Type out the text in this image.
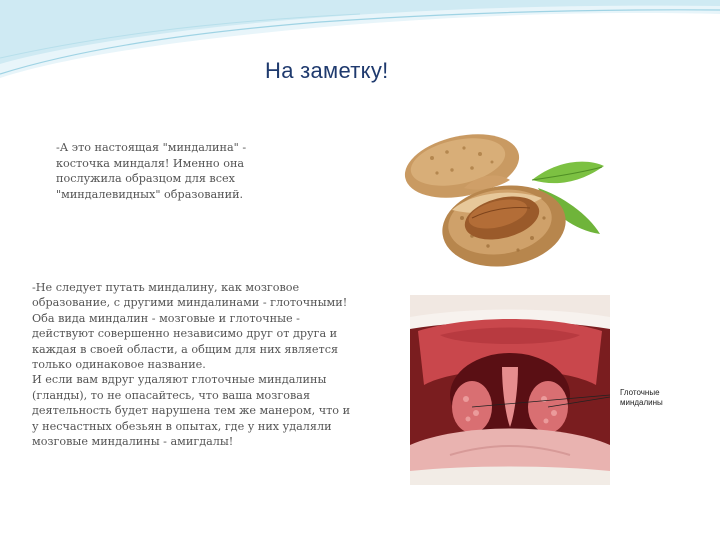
На заметку!
-А это настоящая "миндалина" - косточка миндаля! Именно она послужила образцом для всех "миндалевидных" образований.

-Не следует путать миндалину, как мозговое образование, с другими миндалинами - глоточными! Оба вида миндалин - мозговые и глоточные - действуют совершенно независимо друг от друга и каждая в своей области, а общим для них является только одинаковое название.

И если вам вдруг удаляют глоточные миндалины (гланды), то не опасайтесь, что ваша мозговая деятельность будет нарушена тем же манером, что и у несчастных обезьян в опытах, где у них удаляли мозговые миндалины - амигдалы!

Глоточные
миндалины
